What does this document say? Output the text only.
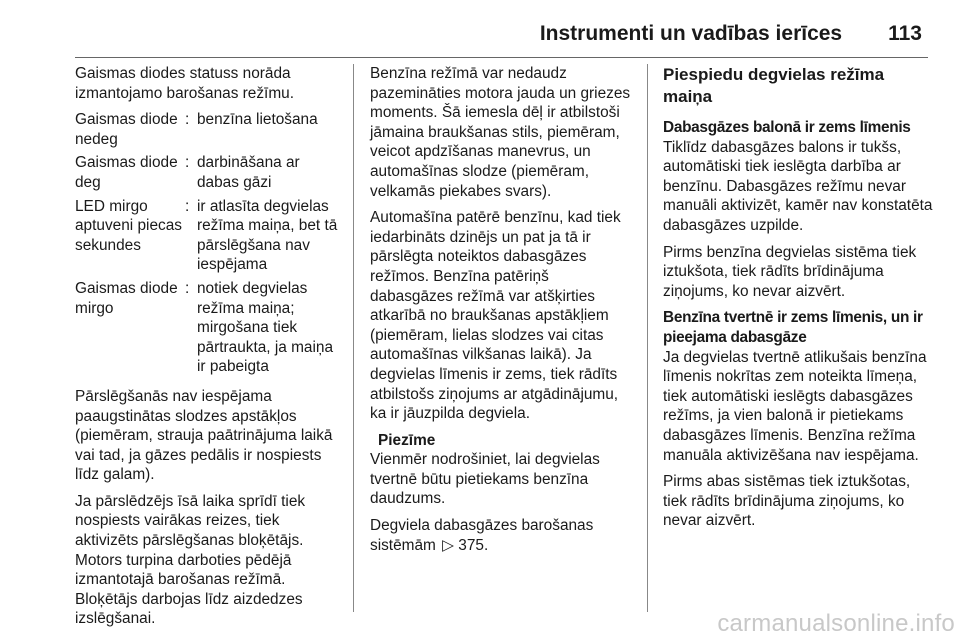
Instrumenti un vadības ierīces 113

Gaismas diodes statuss norāda izmantojamo barošanas režīmu.

Gaismas diode nedeg
: benzīna lietošana
Gaismas diode deg
: darbināšana ar dabas gāzi
LED mirgo aptuveni piecas sekundes
: ir atlasīta degvielas režīma maiņa, bet tā pārslēgšana nav iespējama
Gaismas diode mirgo
: notiek degvielas režīma maiņa; mirgošana tiek pārtraukta, ja maiņa ir pabeigta

Pārslēgšanās nav iespējama paaugstinātas slodzes apstākļos (piemēram, strauja paātrinājuma laikā vai tad, ja gāzes pedālis ir nospiests līdz galam).

Ja pārslēdzējs īsā laika sprīdī tiek nospiests vairākas reizes, tiek aktivizēts pārslēgšanas bloķētājs. Motors turpina darboties pēdējā izmantotajā barošanas režīmā. Bloķētājs darbojas līdz aizdedzes izslēgšanai.

Benzīna režīmā var nedaudz pazemināties motora jauda un griezes moments. Šā iemesla dēļ ir atbilstoši jāmaina braukšanas stils, piemēram, veicot apdzīšanas manevrus, un automašīnas slodze (piemēram, velkamās piekabes svars).

Automašīna patērē benzīnu, kad tiek iedarbināts dzinējs un pat ja tā ir pārslēgta noteiktos dabasgāzes režīmos. Benzīna patēriņš dabasgāzes režīmā var atšķirties atkarībā no braukšanas apstākļiem (piemēram, lielas slodzes vai citas automašīnas vilkšanas laikā). Ja degvielas līmenis ir zems, tiek rādīts atbilstošs ziņojums ar atgādinājumu, ka ir jāuzpilda degviela.

Piezīme

Vienmēr nodrošiniet, lai degvielas tvertnē būtu pietiekams benzīna daudzums.

Degviela dabasgāzes barošanas sistēmām ▷ 375.

Piespiedu degvielas režīma maiņa
Dabasgāzes balonā ir zems līmenis

Tiklīdz dabasgāzes balons ir tukšs, automātiski tiek ieslēgta darbība ar benzīnu. Dabasgāzes režīmu nevar manuāli aktivizēt, kamēr nav konstatēta dabasgāzes uzpilde.

Pirms benzīna degvielas sistēma tiek iztukšota, tiek rādīts brīdinājuma ziņojums, ko nevar aizvērt.

Benzīna tvertnē ir zems līmenis, un ir pieejama dabasgāze

Ja degvielas tvertnē atlikušais benzīna līmenis nokrītas zem noteikta līmeņa, tiek automātiski ieslēgts dabasgāzes režīms, ja vien balonā ir pietiekams dabasgāzes līmenis. Benzīna režīma manuāla aktivizēšana nav iespējama.

Pirms abas sistēmas tiek iztukšotas, tiek rādīts brīdinājuma ziņojums, ko nevar aizvērt.

carmanualsonline.info
